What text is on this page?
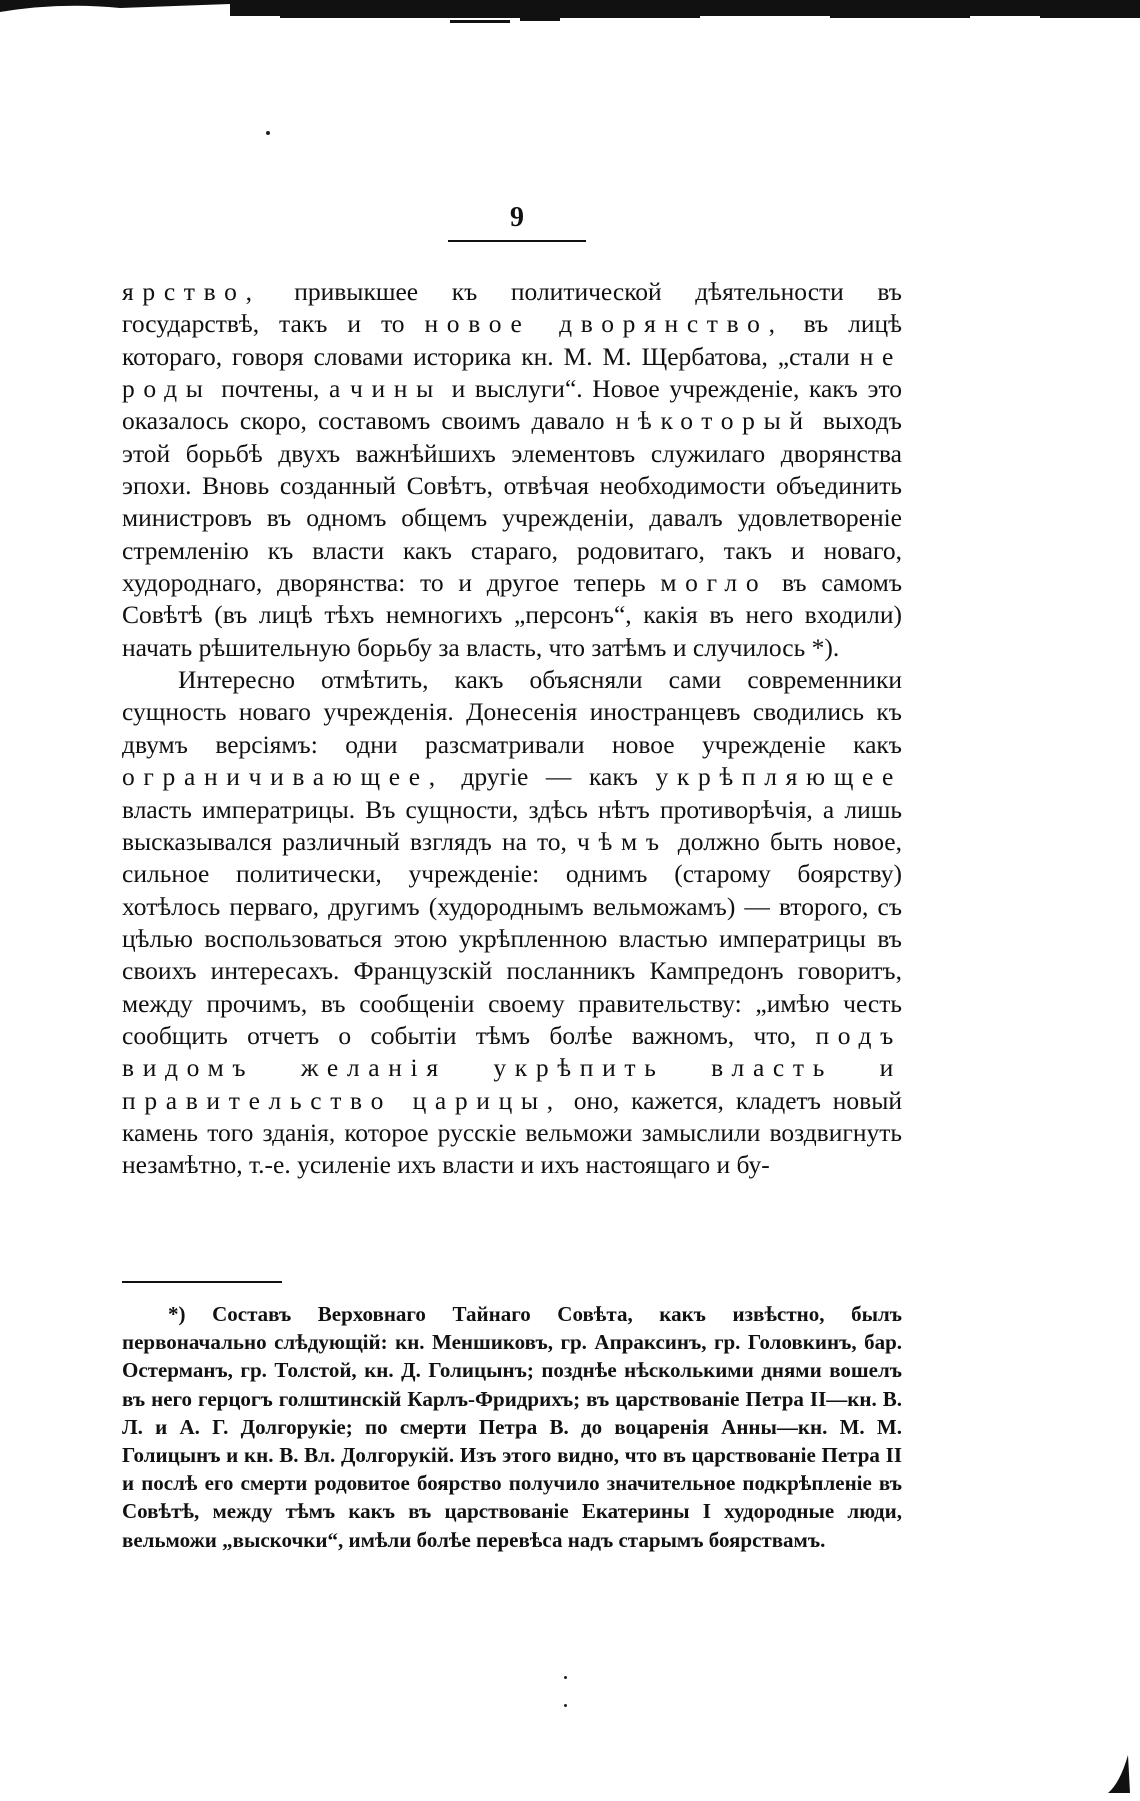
9

ярство, привыкшее къ политической дѣятельности въ государствѣ, такъ и то новое дворянство, въ лицѣ котораго, говоря словами историка кн. М. М. Щербатова, „стали не роды почтены, а чины и выслуги“. Новое учрежденіе, какъ это оказалось скоро, составомъ своимъ давало нѣкоторый выходъ этой борьбѣ двухъ важнѣйшихъ элементовъ служилаго дворянства эпохи. Вновь созданный Совѣтъ, отвѣчая необходимости объединить министровъ въ одномъ общемъ учрежденіи, давалъ удовлетвореніе стремленію къ власти какъ стараго, родовитаго, такъ и новаго, худороднаго, дворянства: то и другое теперь могло въ самомъ Совѣтѣ (въ лицѣ тѣхъ немногихъ „персонъ“, какія въ него входили) начать рѣшительную борьбу за власть, что затѣмъ и случилось *).

Интересно отмѣтить, какъ объясняли сами современники сущность новаго учрежденія. Донесенія иностранцевъ сводились къ двумъ версіямъ: одни разсматривали новое учрежденіе какъ ограничивающее, другіе — какъ укрѣпляющее власть императрицы. Въ сущности, здѣсь нѣтъ противорѣчія, а лишь высказывался различный взглядъ на то, чѣмъ должно быть новое, сильное политически, учрежденіе: однимъ (старому боярству) хотѣлось перваго, другимъ (худороднымъ вельможамъ) — второго, съ цѣлью воспользоваться этою укрѣпленною властью императрицы въ своихъ интересахъ. Французскій посланникъ Кампредонъ говоритъ, между прочимъ, въ сообщеніи своему правительству: „имѣю честь сообщить отчетъ о событіи тѣмъ болѣе важномъ, что, подъ видомъ желанія укрѣпить власть и правительство царицы, оно, кажется, кладетъ новый камень того зданія, которое русскіе вельможи замыслили воздвигнуть незамѣтно, т.-е. усиленіе ихъ власти и ихъ настоящаго и бу-

*) Составъ Верховнаго Тайнаго Совѣта, какъ извѣстно, былъ первоначально слѣдующій: кн. Меншиковъ, гр. Апраксинъ, гр. Головкинъ, бар. Остерманъ, гр. Толстой, кн. Д. Голицынъ; позднѣе нѣсколькими днями вошелъ въ него герцогъ голштинскій Карлъ-Фридрихъ; въ царствованіе Петра II—кн. В. Л. и А. Г. Долгорукіе; по смерти Петра В. до воцаренія Анны—кн. М. М. Голицынъ и кн. В. Вл. Долгорукій. Изъ этого видно, что въ царствованіе Петра II и послѣ его смерти родовитое боярство получило значительное подкрѣпленіе въ Совѣтѣ, между тѣмъ какъ въ царствованіе Екатерины I худородные люди, вельможи „выскочки“, имѣли болѣе перевѣса надъ старымъ боярствамъ.
